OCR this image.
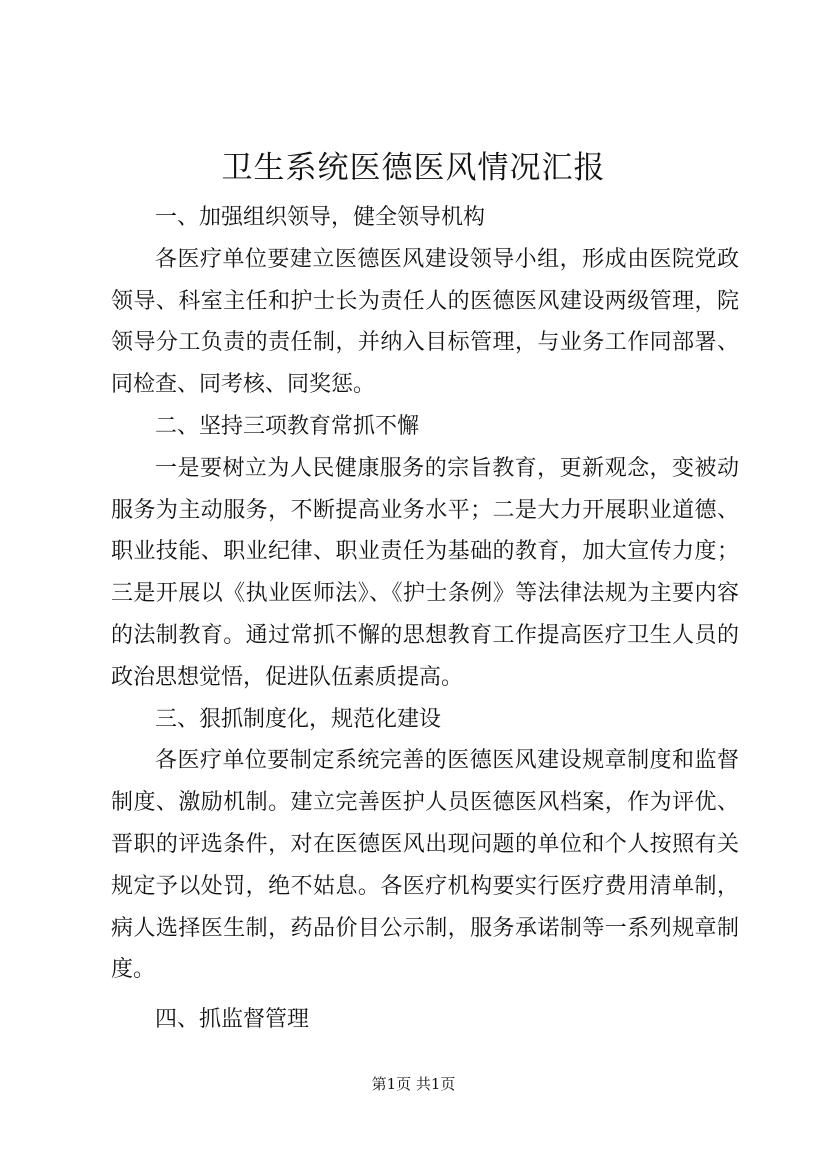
卫生系统医德医风情况汇报

一、加强组织领导，健全领导机构

各医疗单位要建立医德医风建设领导小组，形成由医院党政领导、科室主任和护士长为责任人的医德医风建设两级管理，院领导分工负责的责任制，并纳入目标管理，与业务工作同部署、同检查、同考核、同奖惩。

二、坚持三项教育常抓不懈

一是要树立为人民健康服务的宗旨教育，更新观念，变被动服务为主动服务，不断提高业务水平；二是大力开展职业道德、职业技能、职业纪律、职业责任为基础的教育，加大宣传力度；三是开展以《执业医师法》、《护士条例》等法律法规为主要内容的法制教育。通过常抓不懈的思想教育工作提高医疗卫生人员的政治思想觉悟，促进队伍素质提高。

三、狠抓制度化，规范化建设

各医疗单位要制定系统完善的医德医风建设规章制度和监督制度、激励机制。建立完善医护人员医德医风档案，作为评优、晋职的评选条件，对在医德医风出现问题的单位和个人按照有关规定予以处罚，绝不姑息。各医疗机构要实行医疗费用清单制，病人选择医生制，药品价目公示制，服务承诺制等一系列规章制度。

四、抓监督管理

第1页 共1页
